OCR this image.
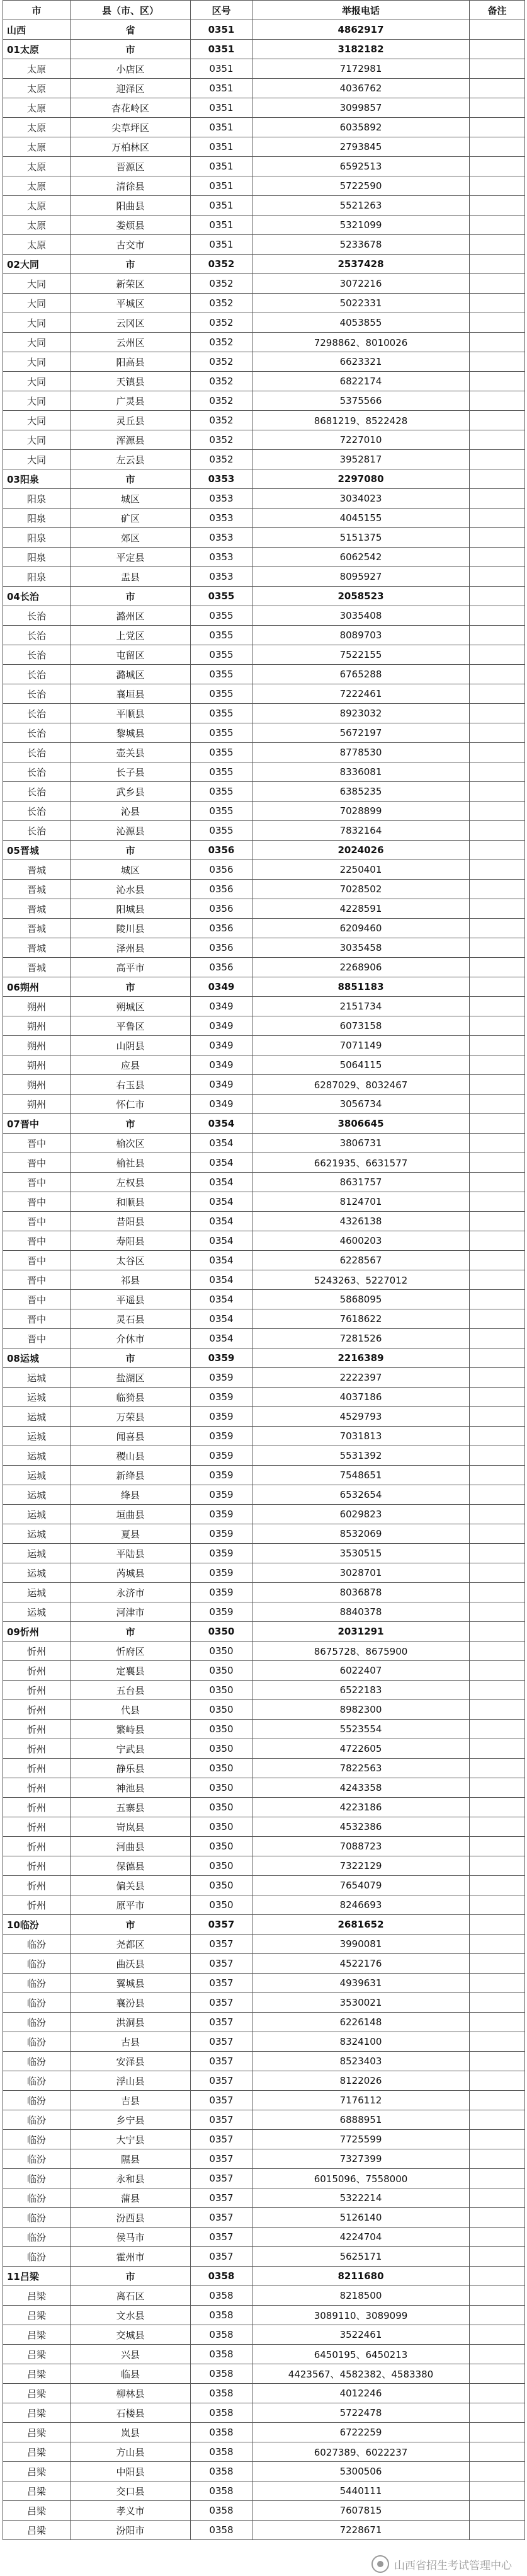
市	县（市、区）	区号	举报电话	备注
山西	省	0351	4862917	
01太原	市	0351	3182182	
太原	小店区	0351	7172981	
太原	迎泽区	0351	4036762	
太原	杏花岭区	0351	3099857	
太原	尖草坪区	0351	6035892	
太原	万柏林区	0351	2793845	
太原	晋源区	0351	6592513	
太原	清徐县	0351	5722590	
太原	阳曲县	0351	5521263	
太原	娄烦县	0351	5321099	
太原	古交市	0351	5233678	
02大同	市	0352	2537428	
大同	新荣区	0352	3072216	
大同	平城区	0352	5022331	
大同	云冈区	0352	4053855	
大同	云州区	0352	7298862、8010026	
大同	阳高县	0352	6623321	
大同	天镇县	0352	6822174	
大同	广灵县	0352	5375566	
大同	灵丘县	0352	8681219、8522428	
大同	浑源县	0352	7227010	
大同	左云县	0352	3952817	
03阳泉	市	0353	2297080	
阳泉	城区	0353	3034023	
阳泉	矿区	0353	4045155	
阳泉	郊区	0353	5151375	
阳泉	平定县	0353	6062542	
阳泉	盂县	0353	8095927	
04长治	市	0355	2058523	
长治	潞州区	0355	3035408	
长治	上党区	0355	8089703	
长治	屯留区	0355	7522155	
长治	潞城区	0355	6765288	
长治	襄垣县	0355	7222461	
长治	平顺县	0355	8923032	
长治	黎城县	0355	5672197	
长治	壶关县	0355	8778530	
长治	长子县	0355	8336081	
长治	武乡县	0355	6385235	
长治	沁县	0355	7028899	
长治	沁源县	0355	7832164	
05晋城	市	0356	2024026	
晋城	城区	0356	2250401	
晋城	沁水县	0356	7028502	
晋城	阳城县	0356	4228591	
晋城	陵川县	0356	6209460	
晋城	泽州县	0356	3035458	
晋城	高平市	0356	2268906	
06朔州	市	0349	8851183	
朔州	朔城区	0349	2151734	
朔州	平鲁区	0349	6073158	
朔州	山阴县	0349	7071149	
朔州	应县	0349	5064115	
朔州	右玉县	0349	6287029、8032467	
朔州	怀仁市	0349	3056734	
07晋中	市	0354	3806645	
晋中	榆次区	0354	3806731	
晋中	榆社县	0354	6621935、6631577	
晋中	左权县	0354	8631757	
晋中	和顺县	0354	8124701	
晋中	昔阳县	0354	4326138	
晋中	寿阳县	0354	4600203	
晋中	太谷区	0354	6228567	
晋中	祁县	0354	5243263、5227012	
晋中	平遥县	0354	5868095	
晋中	灵石县	0354	7618622	
晋中	介休市	0354	7281526	
08运城	市	0359	2216389	
运城	盐湖区	0359	2222397	
运城	临猗县	0359	4037186	
运城	万荣县	0359	4529793	
运城	闻喜县	0359	7031813	
运城	稷山县	0359	5531392	
运城	新绛县	0359	7548651	
运城	绛县	0359	6532654	
运城	垣曲县	0359	6029823	
运城	夏县	0359	8532069	
运城	平陆县	0359	3530515	
运城	芮城县	0359	3028701	
运城	永济市	0359	8036878	
运城	河津市	0359	8840378	
09忻州	市	0350	2031291	
忻州	忻府区	0350	8675728、8675900	
忻州	定襄县	0350	6022407	
忻州	五台县	0350	6522183	
忻州	代县	0350	8982300	
忻州	繁峙县	0350	5523554	
忻州	宁武县	0350	4722605	
忻州	静乐县	0350	7822563	
忻州	神池县	0350	4243358	
忻州	五寨县	0350	4223186	
忻州	岢岚县	0350	4532386	
忻州	河曲县	0350	7088723	
忻州	保德县	0350	7322129	
忻州	偏关县	0350	7654079	
忻州	原平市	0350	8246693	
10临汾	市	0357	2681652	
临汾	尧都区	0357	3990081	
临汾	曲沃县	0357	4522176	
临汾	翼城县	0357	4939631	
临汾	襄汾县	0357	3530021	
临汾	洪洞县	0357	6226148	
临汾	古县	0357	8324100	
临汾	安泽县	0357	8523403	
临汾	浮山县	0357	8122026	
临汾	吉县	0357	7176112	
临汾	乡宁县	0357	6888951	
临汾	大宁县	0357	7725599	
临汾	隰县	0357	7327399	
临汾	永和县	0357	6015096、7558000	
临汾	蒲县	0357	5322214	
临汾	汾西县	0357	5126140	
临汾	侯马市	0357	4224704	
临汾	霍州市	0357	5625171	
11吕梁	市	0358	8211680	
吕梁	离石区	0358	8218500	
吕梁	文水县	0358	3089110、3089099	
吕梁	交城县	0358	3522461	
吕梁	兴县	0358	6450195、6450213	
吕梁	临县	0358	4423567、4582382、4583380	
吕梁	柳林县	0358	4012246	
吕梁	石楼县	0358	5722478	
吕梁	岚县	0358	6722259	
吕梁	方山县	0358	6027389、6022237	
吕梁	中阳县	0358	5300506	
吕梁	交口县	0358	5440111	
吕梁	孝义市	0358	7607815	
吕梁	汾阳市	0358	7228671	
山西省招生考试管理中心
